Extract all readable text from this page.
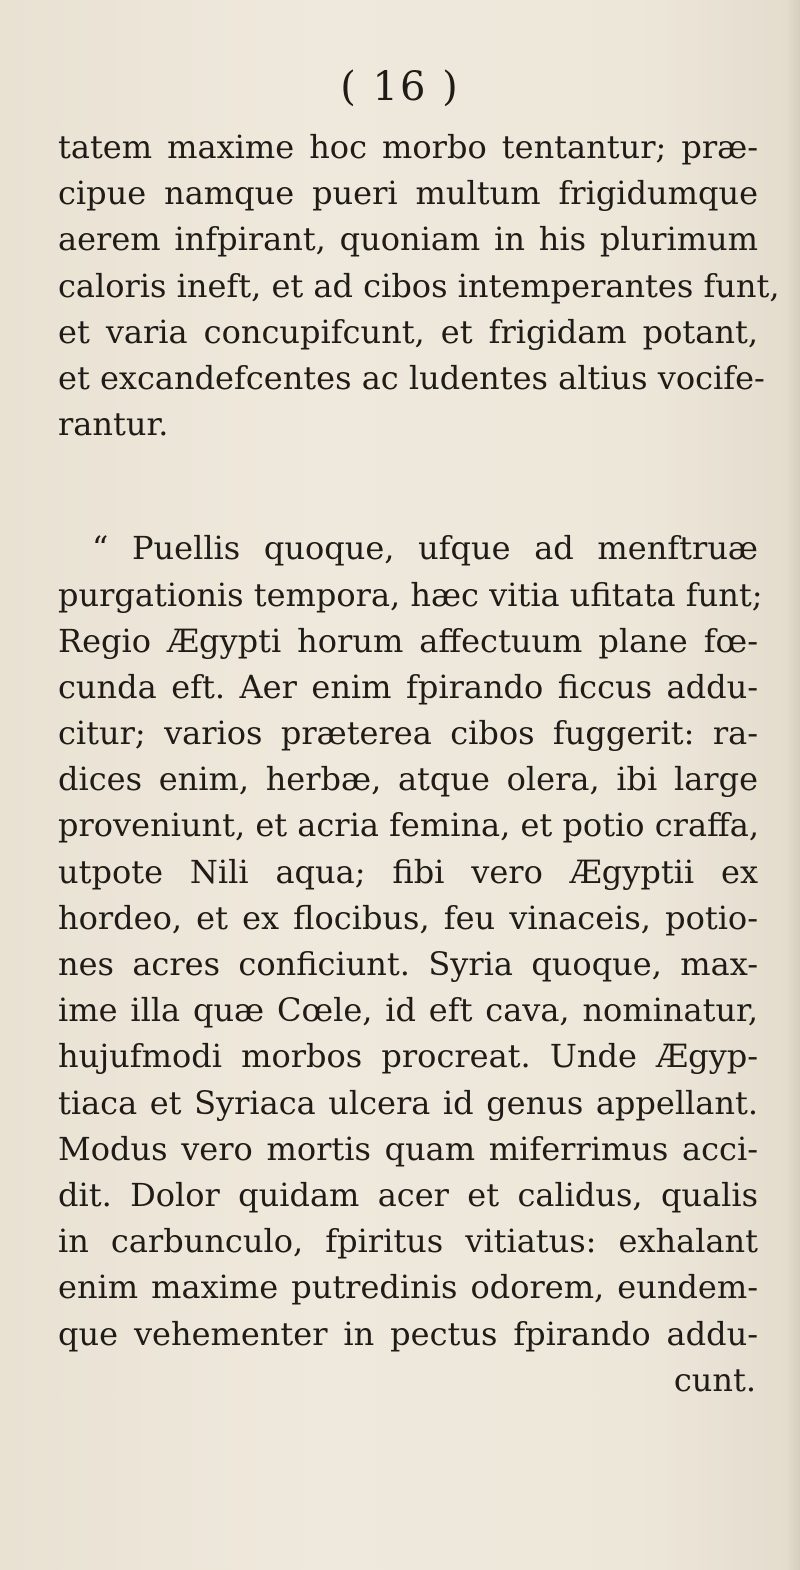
( 16 )
tatem maxime hoc morbo tentantur; præ-
cipue namque pueri multum frigidumque
aerem infpirant, quoniam in his plurimum
caloris ineft, et ad cibos intemperantes funt,
et varia concupifcunt, et frigidam potant,
et excandefcentes ac ludentes altius vocife-
rantur.
“ Puellis quoque, ufque ad menftruæ
purgationis tempora, hæc vitia ufitata funt;
Regio Ægypti horum affectuum plane fœ-
cunda eft. Aer enim fpirando ficcus addu-
citur; varios præterea cibos fuggerit: ra-
dices enim, herbæ, atque olera, ibi large
proveniunt, et acria femina, et potio craffa,
utpote Nili aqua; fibi vero Ægyptii ex
hordeo, et ex flocibus, feu vinaceis, potio-
nes acres conficiunt. Syria quoque, max-
ime illa quæ Cœle, id eft cava, nominatur,
hujufmodi morbos procreat. Unde Ægyp-
tiaca et Syriaca ulcera id genus appellant.
Modus vero mortis quam miferrimus acci-
dit. Dolor quidam acer et calidus, qualis
in carbunculo, fpiritus vitiatus: exhalant
enim maxime putredinis odorem, eundem-
que vehementer in pectus fpirando addu-
cunt.
